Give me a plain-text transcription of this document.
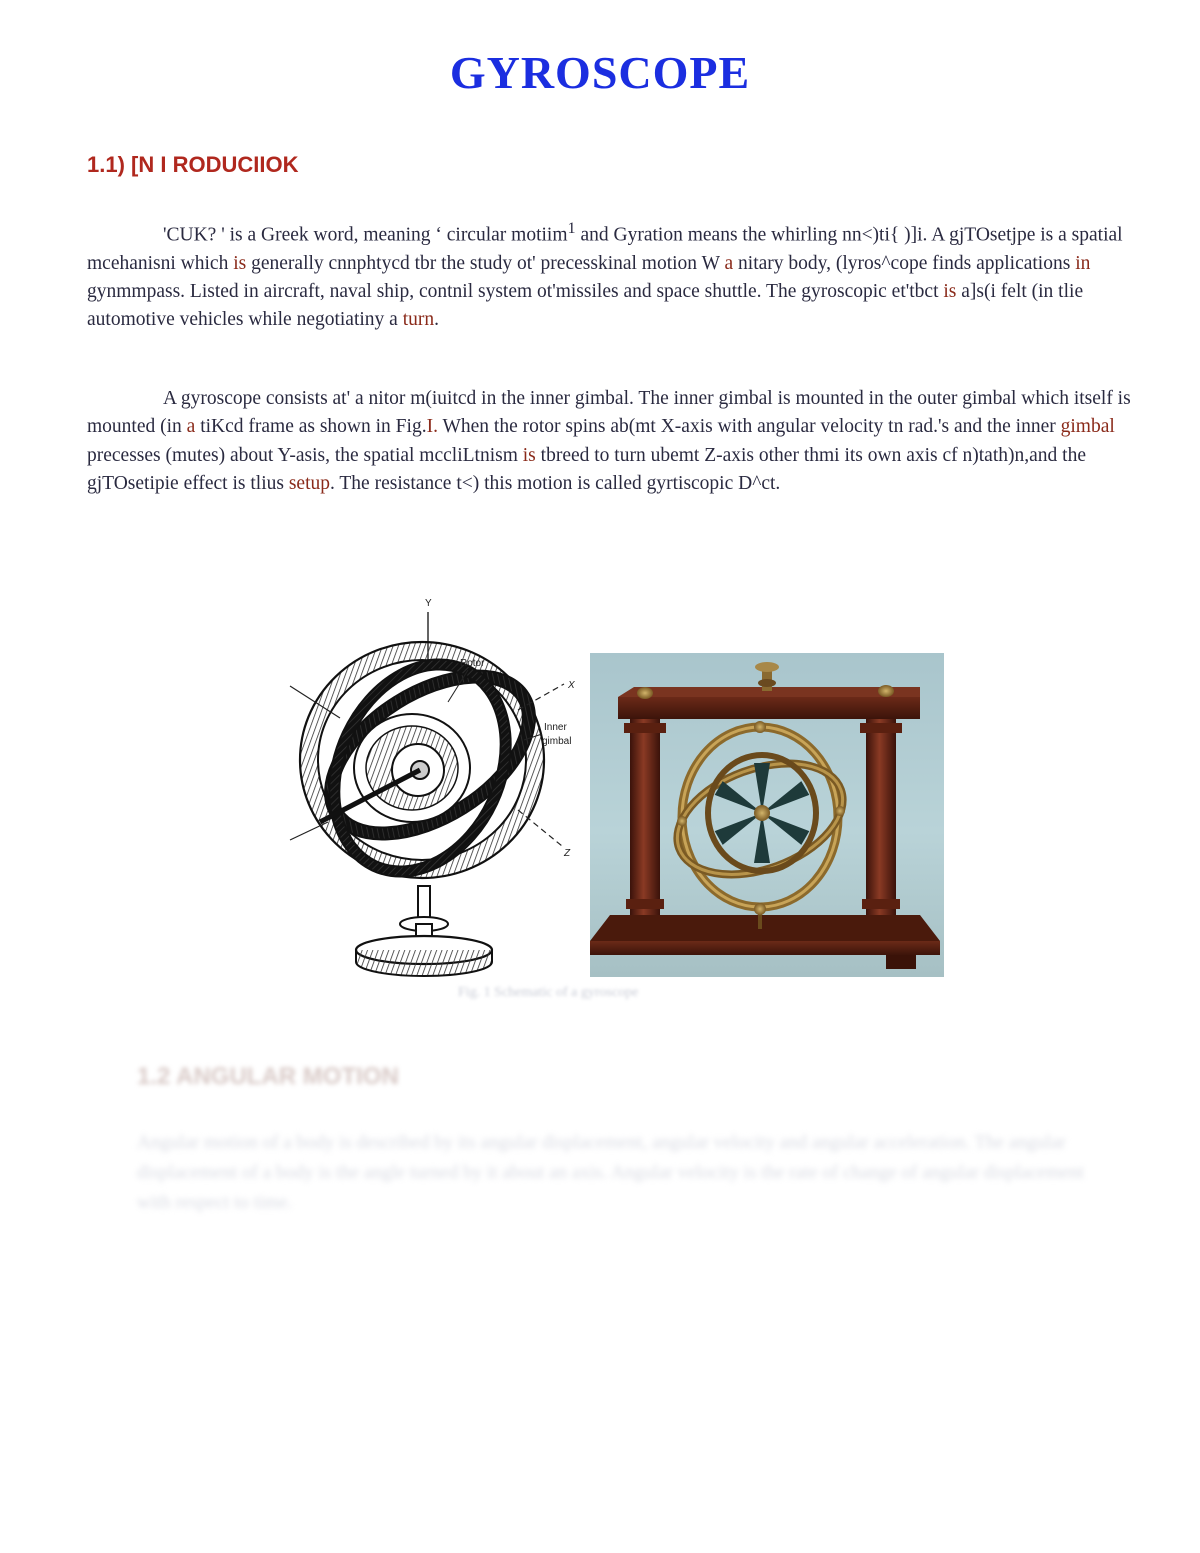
GYROSCOPE
1.1) [N I RODUCIIOK

'CUK? ' is a Greek word, meaning ‘ circular motiim$^1$ and Gyration means the whirling nn<)ti{ )]i. A gjTOsetjpe is a spatial mcehanisni which is generally cnnphtycd tbr the study ot' precesskinal motion W a nitary body, (lyros^cope finds applications in gynmmpass. Listed in aircraft, naval ship, contnil system ot'missiles and space shuttle. The gyroscopic et'tbct is a]s(i felt (in tlie automotive vehicles while negotiatiny a turn.

A gyroscope consists at' a nitor m(iuitcd in the inner gimbal. The inner gimbal is mounted in the outer gimbal which itself is mounted (in a tiKcd frame as shown in Fig.I. When the rotor spins ab(mt X-axis with angular velocity tn rad.'s and the inner gimbal precesses (mutes) about Y-asis, the spatial mccliLtnism is tbreed to turn ubemt Z-axis other thmi its own axis cf n)tath)n,and the gjTOsetipie effect is tlius setup. The resistance t<) this motion is called gyrtiscopic D^ct.

Y
X
Z
Rotor
Inner
gimbal
Fig. 1 Schematic of a gyroscope
1.2 ANGULAR MOTION

Angular motion of a body is described by its angular displacement, angular velocity and angular acceleration. The angular displacement of a body is the angle turned by it about an axis. Angular velocity is the rate of change of angular displacement with respect to time.
